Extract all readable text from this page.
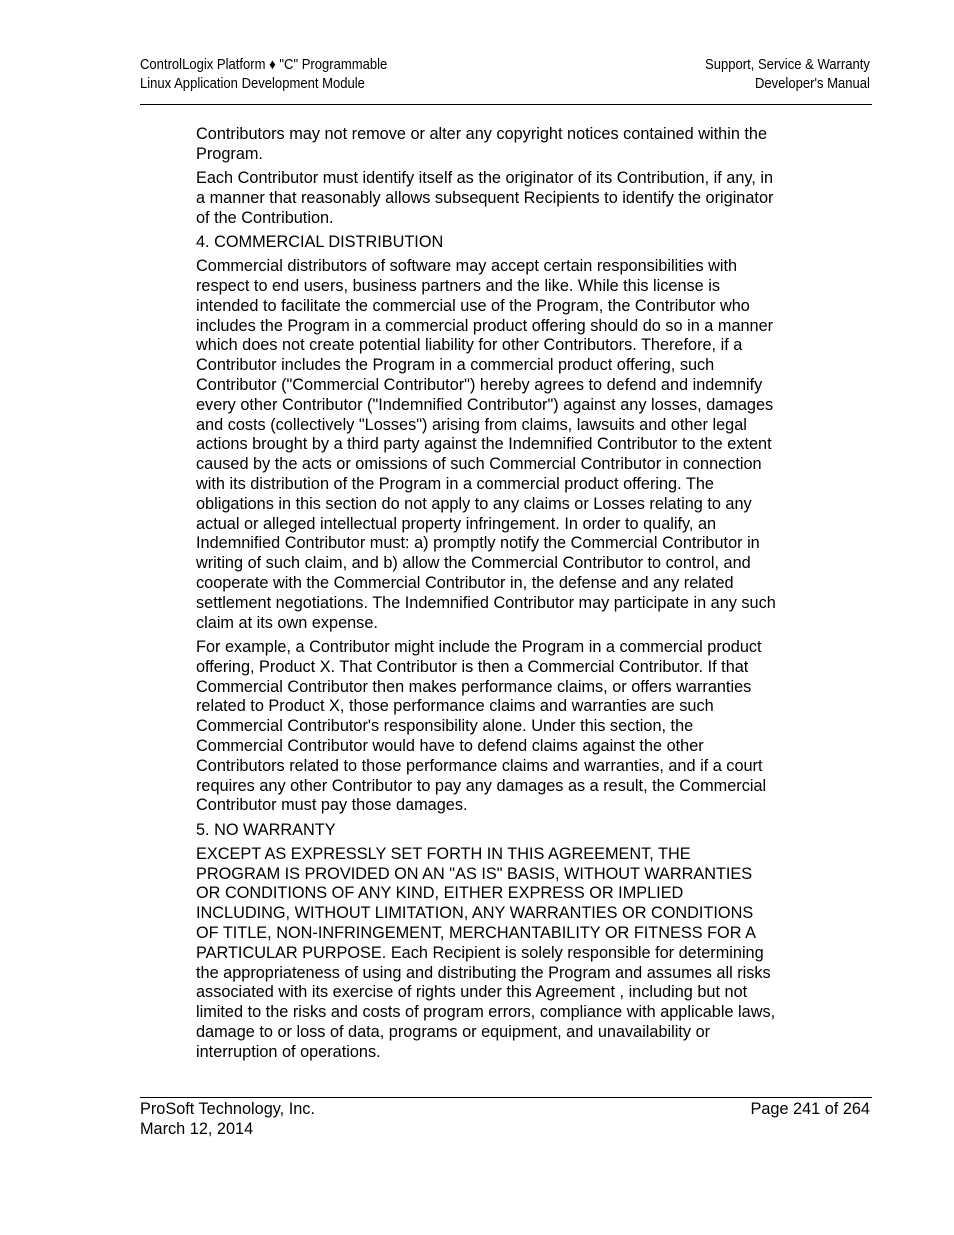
ControlLogix Platform ♦ "C" Programmable
Linux Application Development Module
Support, Service & Warranty
Developer's Manual

Contributors may not remove or alter any copyright notices contained within the
Program.

Each Contributor must identify itself as the originator of its Contribution, if any, in
a manner that reasonably allows subsequent Recipients to identify the originator
of the Contribution.

4. COMMERCIAL DISTRIBUTION

Commercial distributors of software may accept certain responsibilities with
respect to end users, business partners and the like. While this license is
intended to facilitate the commercial use of the Program, the Contributor who
includes the Program in a commercial product offering should do so in a manner
which does not create potential liability for other Contributors. Therefore, if a
Contributor includes the Program in a commercial product offering, such
Contributor ("Commercial Contributor") hereby agrees to defend and indemnify
every other Contributor ("Indemnified Contributor") against any losses, damages
and costs (collectively "Losses") arising from claims, lawsuits and other legal
actions brought by a third party against the Indemnified Contributor to the extent
caused by the acts or omissions of such Commercial Contributor in connection
with its distribution of the Program in a commercial product offering. The
obligations in this section do not apply to any claims or Losses relating to any
actual or alleged intellectual property infringement. In order to qualify, an
Indemnified Contributor must: a) promptly notify the Commercial Contributor in
writing of such claim, and b) allow the Commercial Contributor to control, and
cooperate with the Commercial Contributor in, the defense and any related
settlement negotiations. The Indemnified Contributor may participate in any such
claim at its own expense.

For example, a Contributor might include the Program in a commercial product
offering, Product X. That Contributor is then a Commercial Contributor. If that
Commercial Contributor then makes performance claims, or offers warranties
related to Product X, those performance claims and warranties are such
Commercial Contributor's responsibility alone. Under this section, the
Commercial Contributor would have to defend claims against the other
Contributors related to those performance claims and warranties, and if a court
requires any other Contributor to pay any damages as a result, the Commercial
Contributor must pay those damages.

5. NO WARRANTY

EXCEPT AS EXPRESSLY SET FORTH IN THIS AGREEMENT, THE
PROGRAM IS PROVIDED ON AN "AS IS" BASIS, WITHOUT WARRANTIES
OR CONDITIONS OF ANY KIND, EITHER EXPRESS OR IMPLIED
INCLUDING, WITHOUT LIMITATION, ANY WARRANTIES OR CONDITIONS
OF TITLE, NON-INFRINGEMENT, MERCHANTABILITY OR FITNESS FOR A
PARTICULAR PURPOSE. Each Recipient is solely responsible for determining
the appropriateness of using and distributing the Program and assumes all risks
associated with its exercise of rights under this Agreement , including but not
limited to the risks and costs of program errors, compliance with applicable laws,
damage to or loss of data, programs or equipment, and unavailability or
interruption of operations.

ProSoft Technology, Inc.
March 12, 2014
Page 241 of 264
